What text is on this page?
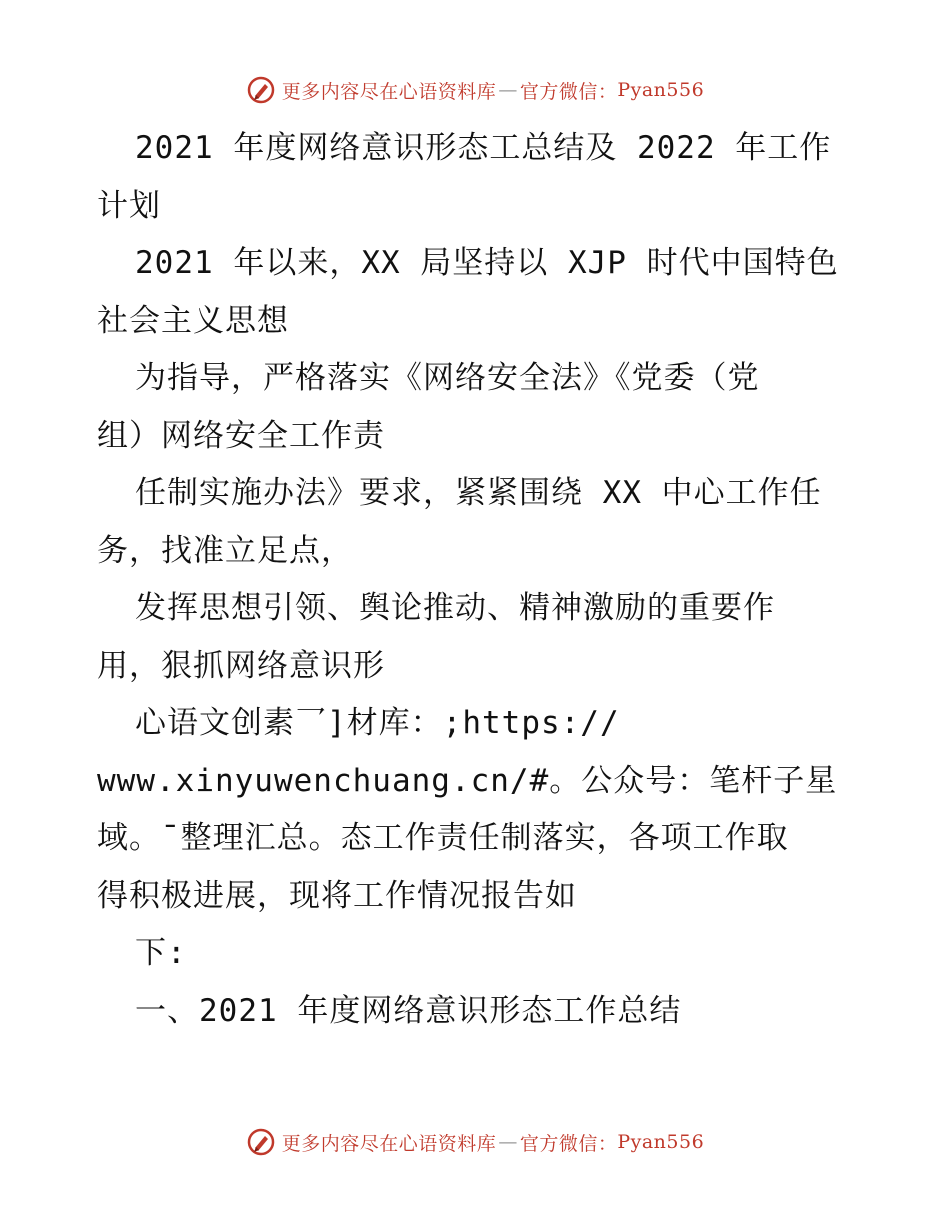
更多内容尽在心语资料库 — 官方微信： Pyan556
2021 年度网络意识形态工总结及 2022 年工作
计划
2021 年以来，XX 局坚持以 XJP 时代中国特色
社会主义思想
为指导，严格落实《网络安全法》《党委（党
组）网络安全工作责
任制实施办法》要求，紧紧围绕 XX 中心工作任
务，找准立足点，
发挥思想引领、舆论推动、精神激励的重要作
用，狠抓网络意识形
心语文创素乛]材库：;https://
www.xinyuwenchuang.cn/#。公众号：笔杆子星
域。¯整理汇总。态工作责任制落实，各项工作取
得积极进展，现将工作情况报告如
下:
一、2021 年度网络意识形态工作总结
更多内容尽在心语资料库 — 官方微信： Pyan556
